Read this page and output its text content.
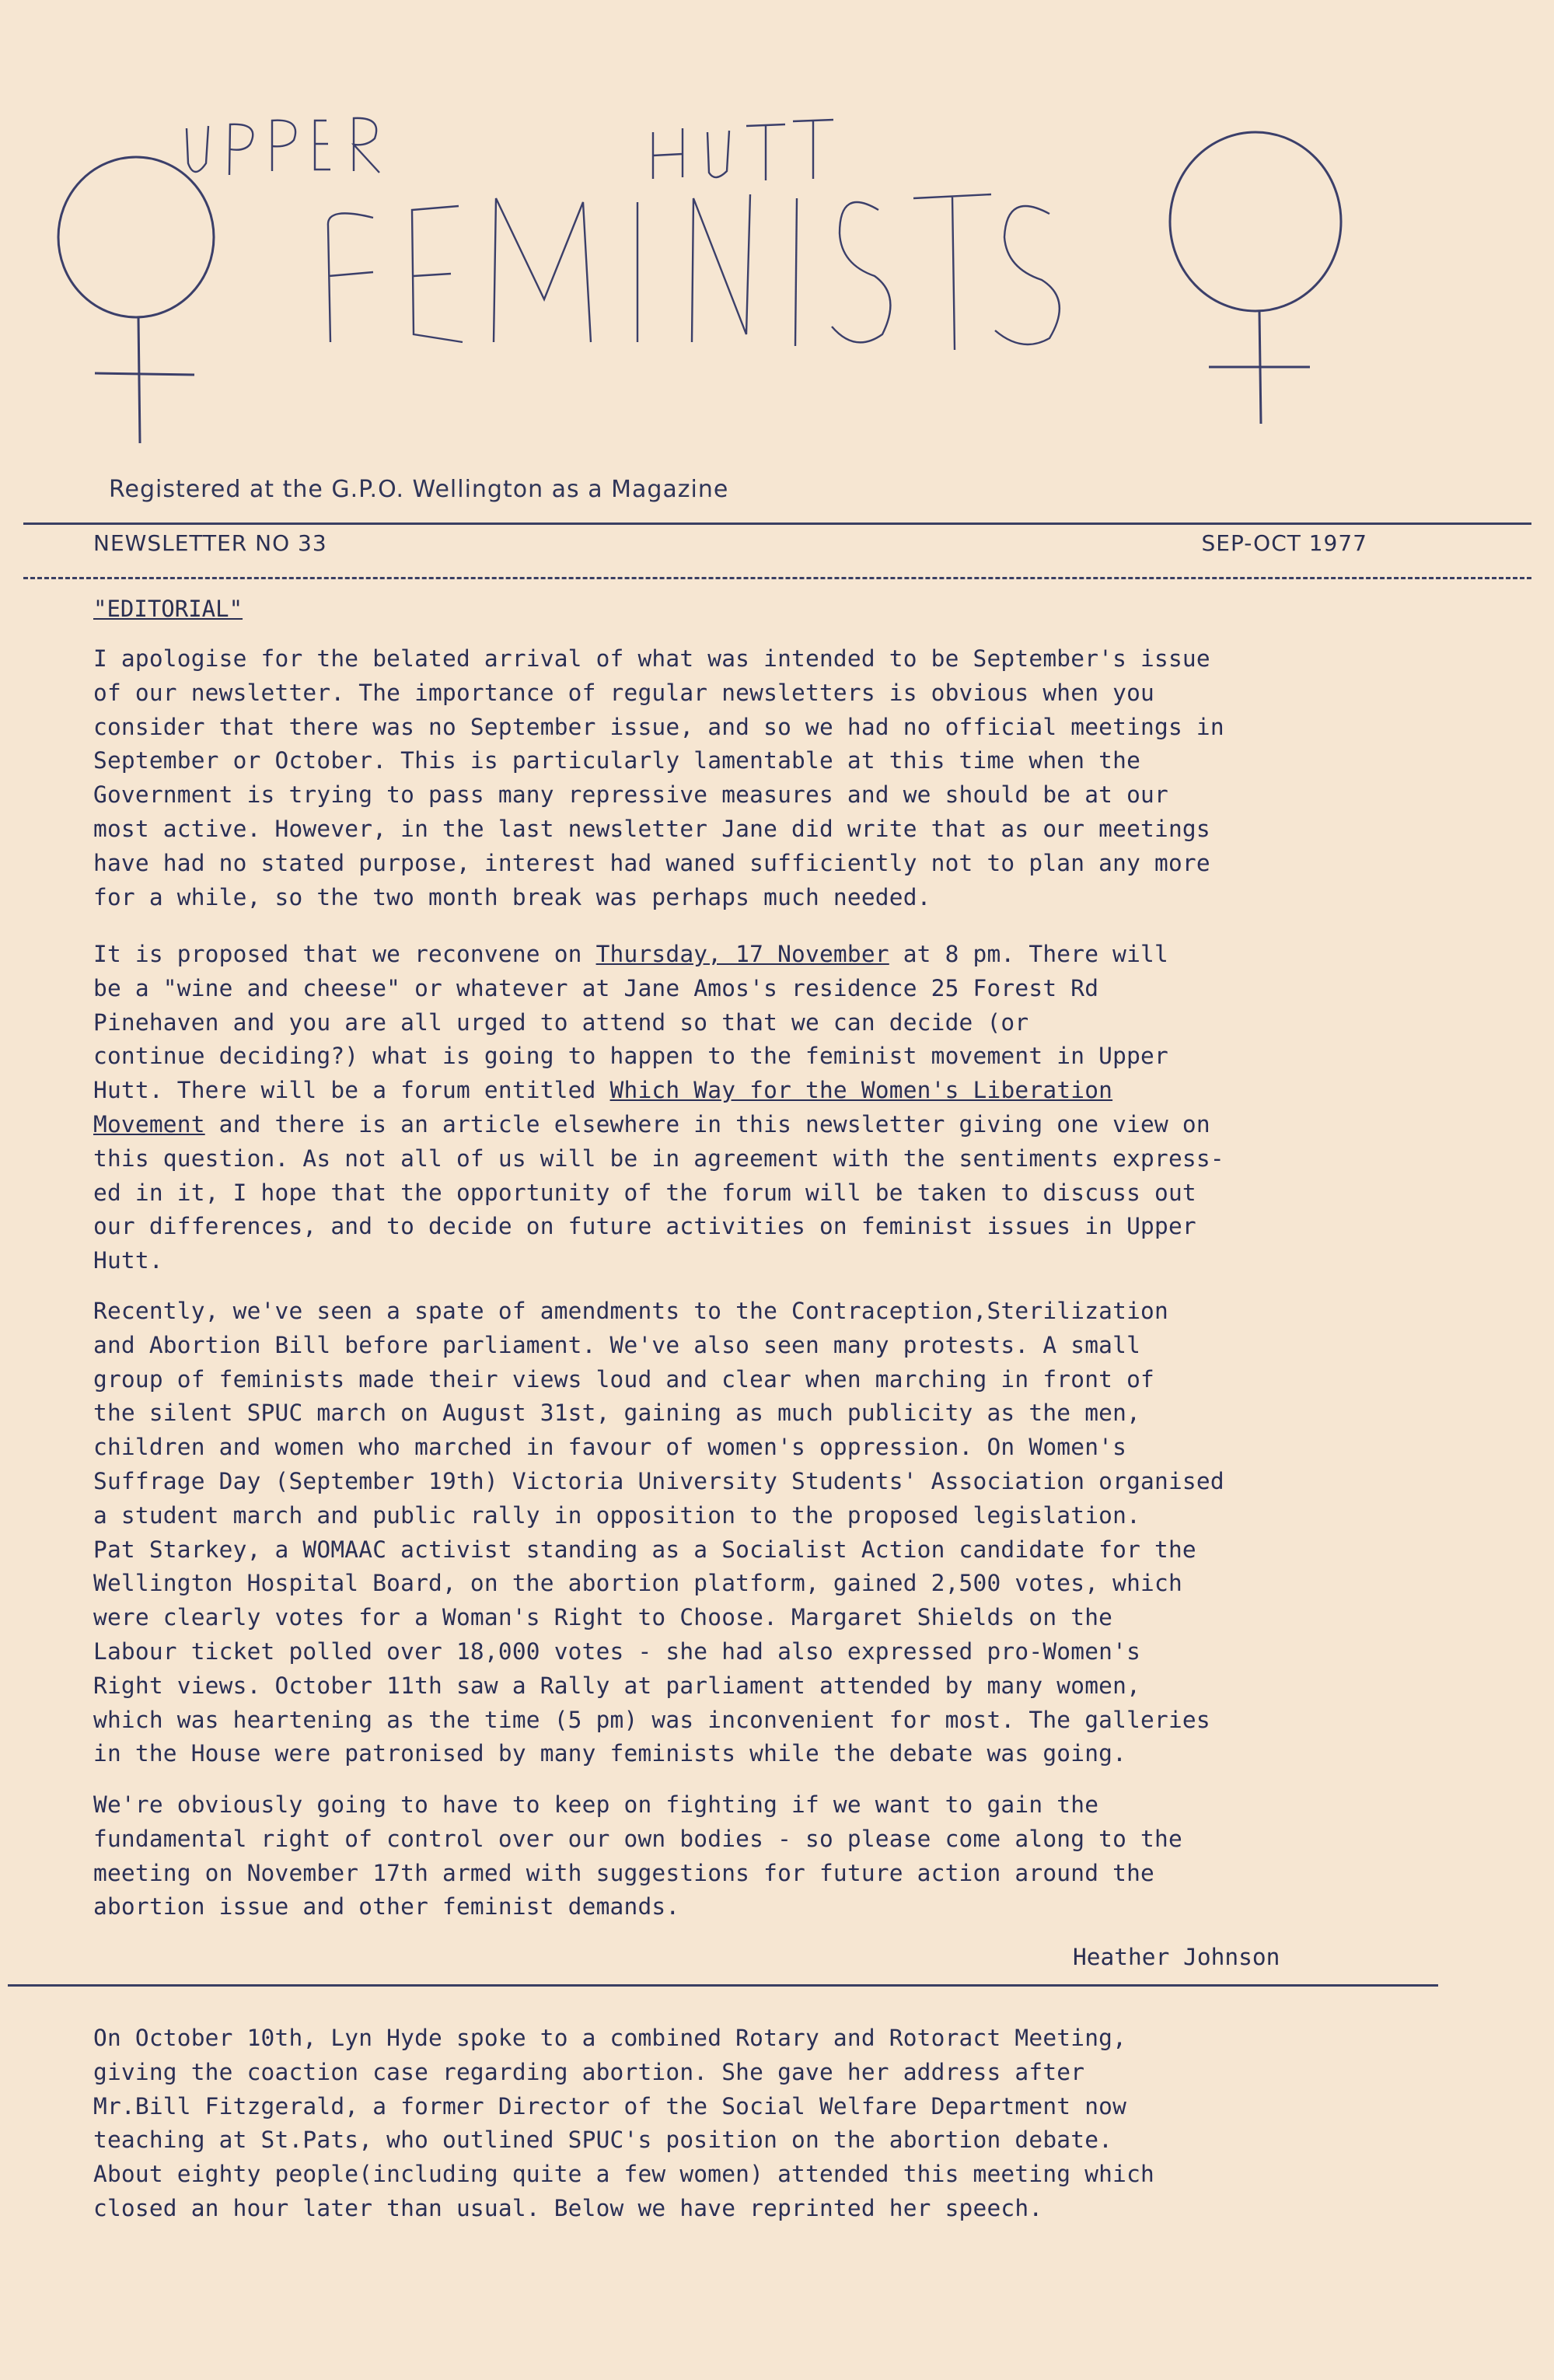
Registered at the G.P.O. Wellington as a Magazine
NEWSLETTER NO 33	SEP-OCT 1977
"EDITORIAL"

I apologise for the belated arrival of what was intended to be September's issue
of our newsletter. The importance of regular newsletters is obvious when you
consider that there was no September issue, and so we had no official meetings in
September or October. This is particularly lamentable at this time when the
Government is trying to pass many repressive measures and we should be at our
most active. However, in the last newsletter Jane did write that as our meetings
have had no stated purpose, interest had waned sufficiently not to plan any more
for a while, so the two month break was perhaps much needed.

It is proposed that we reconvene on Thursday, 17 November at 8 pm. There will
be a "wine and cheese" or whatever at Jane Amos's residence 25 Forest Rd
Pinehaven and you are all urged to attend so that we can decide (or
continue deciding?) what is going to happen to the feminist movement in Upper
Hutt. There will be a forum entitled Which Way for the Women's Liberation
Movement and there is an article elsewhere in this newsletter giving one view on
this question. As not all of us will be in agreement with the sentiments express-
ed in it, I hope that the opportunity of the forum will be taken to discuss out
our differences, and to decide on future activities on feminist issues in Upper
Hutt.

Recently, we've seen a spate of amendments to the Contraception,Sterilization
and Abortion Bill before parliament. We've also seen many protests. A small
group of feminists made their views loud and clear when marching in front of
the silent SPUC march on August 31st, gaining as much publicity as the men,
children and women who marched in favour of women's oppression. On Women's
Suffrage Day (September 19th) Victoria University Students' Association organised
a student march and public rally in opposition to the proposed legislation.
Pat Starkey, a WOMAAC activist standing as a Socialist Action candidate for the
Wellington Hospital Board, on the abortion platform, gained 2,500 votes, which
were clearly votes for a Woman's Right to Choose. Margaret Shields on the
Labour ticket polled over 18,000 votes - she had also expressed pro-Women's
Right views. October 11th saw a Rally at parliament attended by many women,
which was heartening as the time (5 pm) was inconvenient for most. The galleries
in the House were patronised by many feminists while the debate was going.

We're obviously going to have to keep on fighting if we want to gain the
fundamental right of control over our own bodies - so please come along to the
meeting on November 17th armed with suggestions for future action around the
abortion issue and other feminist demands.

Heather Johnson

On October 10th, Lyn Hyde spoke to a combined Rotary and Rotoract Meeting,
giving the coaction case regarding abortion. She gave her address after
Mr.Bill Fitzgerald, a former Director of the Social Welfare Department now
teaching at St.Pats, who outlined SPUC's position on the abortion debate.
About eighty people(including quite a few women) attended this meeting which
closed an hour later than usual. Below we have reprinted her speech.
